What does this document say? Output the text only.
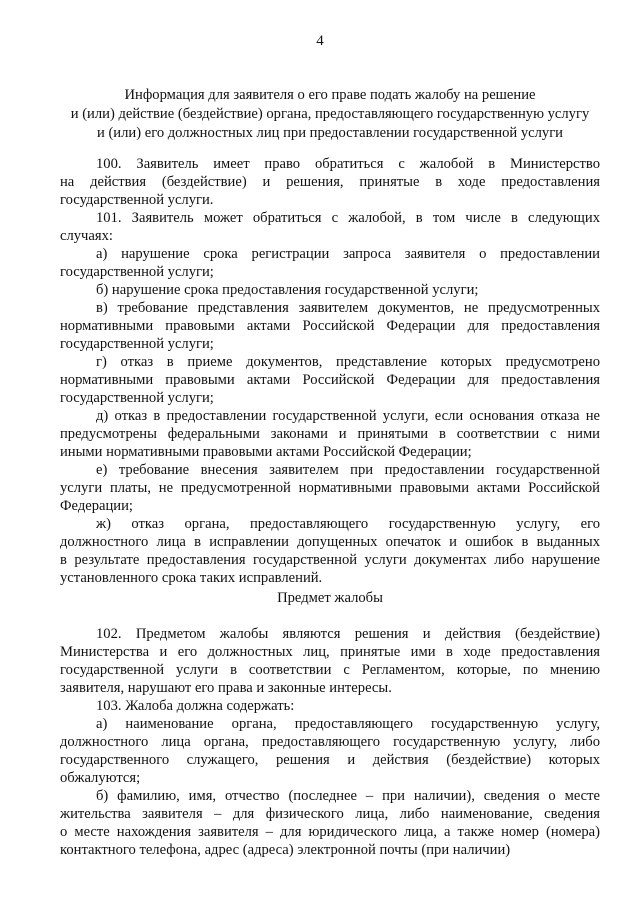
4
Информация для заявителя о его праве подать жалобу на решение
и (или) действие (бездействие) органа, предоставляющего государственную услугу
и (или) его должностных лиц при предоставлении государственной услуги
100. Заявитель имеет право обратиться с жалобой в Министерство
на действия (бездействие) и решения, принятые в ходе предоставления
государственной услуги.
101. Заявитель может обратиться с жалобой, в том числе в следующих
случаях:
а) нарушение срока регистрации запроса заявителя о предоставлении
государственной услуги;
б) нарушение срока предоставления государственной услуги;
в) требование представления заявителем документов, не предусмотренных
нормативными правовыми актами Российской Федерации для предоставления
государственной услуги;
г) отказ в приеме документов, представление которых предусмотрено
нормативными правовыми актами Российской Федерации для предоставления
государственной услуги;
д) отказ в предоставлении государственной услуги, если основания отказа не
предусмотрены федеральными законами и принятыми в соответствии с ними
иными нормативными правовыми актами Российской Федерации;
е) требование внесения заявителем при предоставлении государственной
услуги платы, не предусмотренной нормативными правовыми актами Российской
Федерации;
ж) отказ органа, предоставляющего государственную услугу, его
должностного лица в исправлении допущенных опечаток и ошибок в выданных
в результате предоставления государственной услуги документах либо нарушение
установленного срока таких исправлений.
Предмет жалобы
102. Предметом жалобы являются решения и действия (бездействие)
Министерства и его должностных лиц, принятые ими в ходе предоставления
государственной услуги в соответствии с Регламентом, которые, по мнению
заявителя, нарушают его права и законные интересы.
103. Жалоба должна содержать:
а) наименование органа, предоставляющего государственную услугу,
должностного лица органа, предоставляющего государственную услугу, либо
государственного служащего, решения и действия (бездействие) которых
обжалуются;
б) фамилию, имя, отчество (последнее – при наличии), сведения о месте
жительства заявителя – для физического лица, либо наименование, сведения
о месте нахождения заявителя – для юридического лица, а также номер (номера)
контактного телефона, адрес (адреса) электронной почты (при наличии)
